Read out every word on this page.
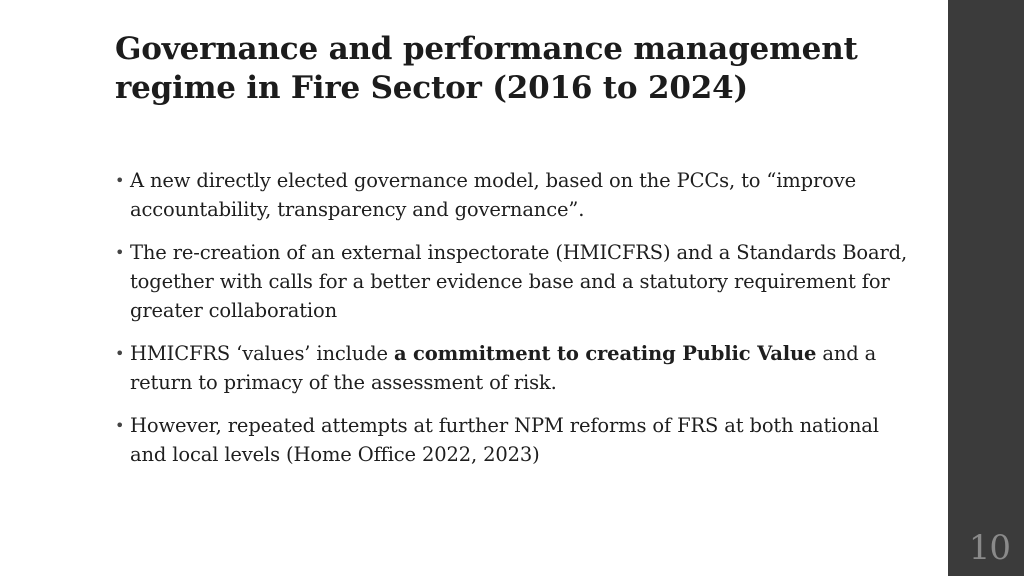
Governance and performance management regime in Fire Sector (2016 to 2024)
• A new directly elected governance model, based on the PCCs, to “improve accountability, transparency and governance”.
• The re-creation of an external inspectorate (HMICFRS) and a Standards Board, together with calls for a better evidence base and a statutory requirement for greater collaboration
• HMICFRS ‘values’ include a commitment to creating Public Value and a return to primacy of the assessment of risk.
• However, repeated attempts at further NPM reforms of FRS at both national and local levels (Home Office 2022, 2023)
10
